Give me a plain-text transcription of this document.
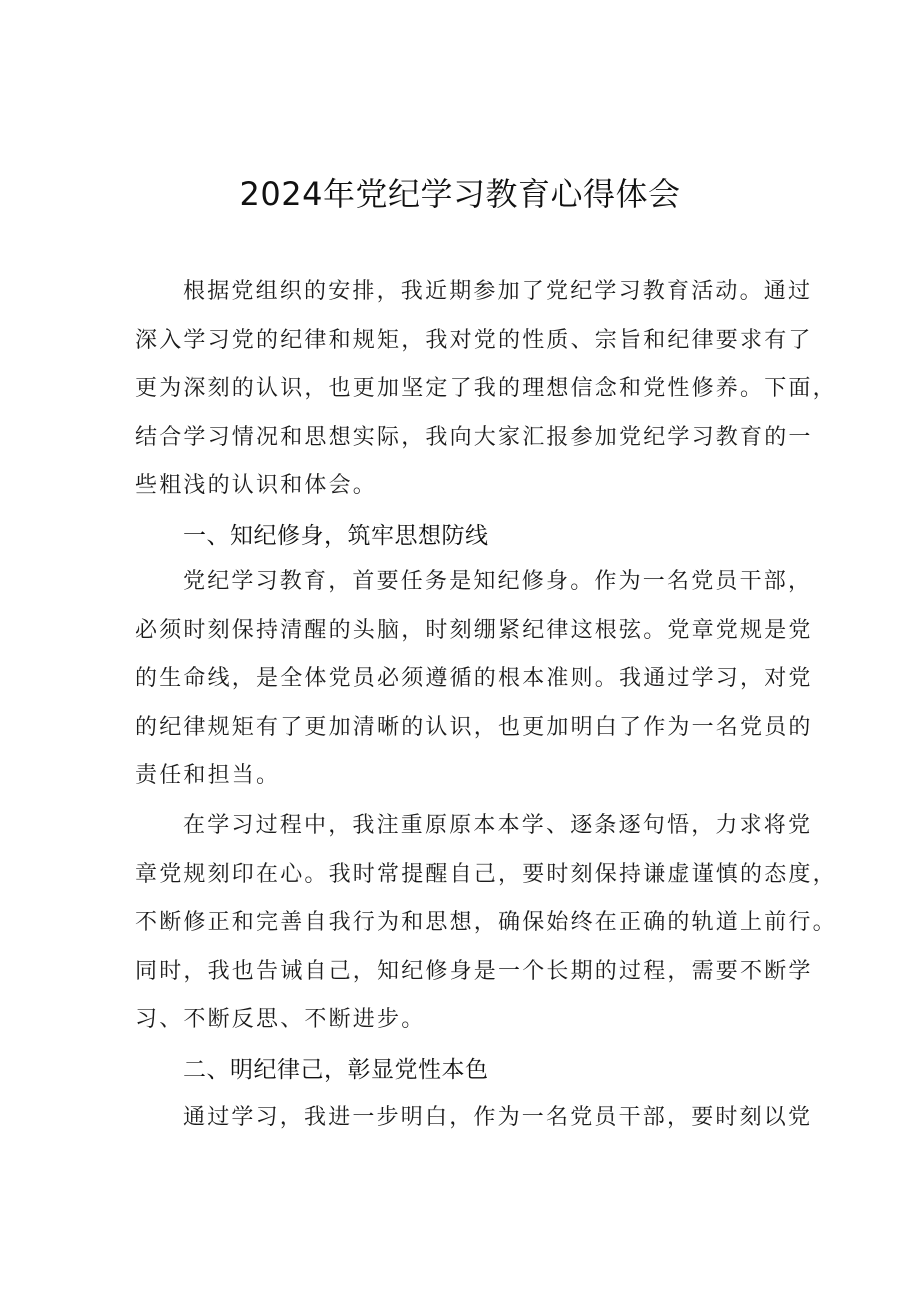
2024年党纪学习教育心得体会
根据党组织的安排，我近期参加了党纪学习教育活动。通过
深入学习党的纪律和规矩，我对党的性质、宗旨和纪律要求有了
更为深刻的认识，也更加坚定了我的理想信念和党性修养。下面，
结合学习情况和思想实际，我向大家汇报参加党纪学习教育的一
些粗浅的认识和体会。
一、知纪修身，筑牢思想防线
党纪学习教育，首要任务是知纪修身。作为一名党员干部，
必须时刻保持清醒的头脑，时刻绷紧纪律这根弦。党章党规是党
的生命线，是全体党员必须遵循的根本准则。我通过学习，对党
的纪律规矩有了更加清晰的认识，也更加明白了作为一名党员的
责任和担当。
在学习过程中，我注重原原本本学、逐条逐句悟，力求将党
章党规刻印在心。我时常提醒自己，要时刻保持谦虚谨慎的态度，
不断修正和完善自我行为和思想，确保始终在正确的轨道上前行。
同时，我也告诫自己，知纪修身是一个长期的过程，需要不断学
习、不断反思、不断进步。
二、明纪律己，彰显党性本色
通过学习，我进一步明白，作为一名党员干部，要时刻以党
